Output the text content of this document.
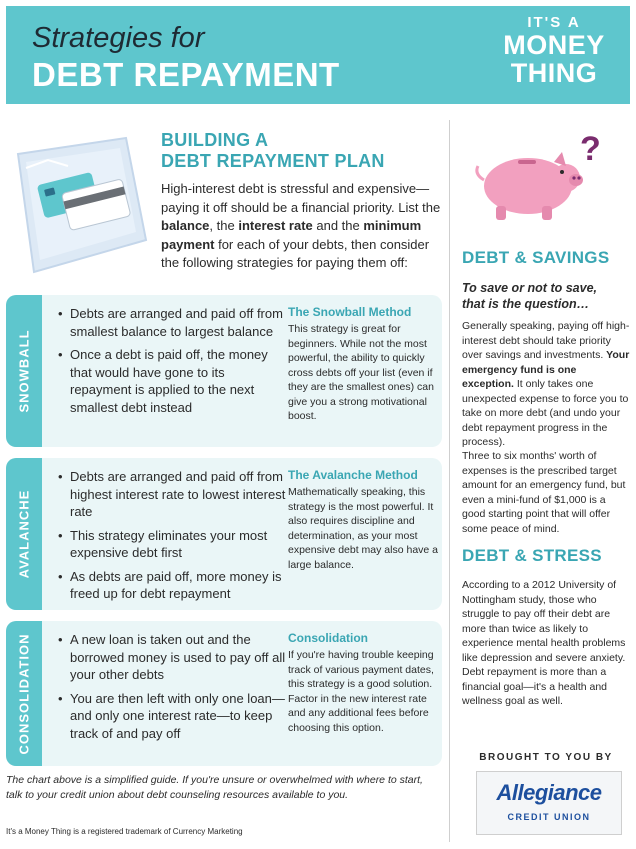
Strategies for
DEBT REPAYMENT
IT'S A
MONEY
THING
BUILDING A
DEBT REPAYMENT PLAN

High-interest debt is stressful and expensive—paying it off should be a financial priority. List the balance, the interest rate and the minimum payment for each of your debts, then consider the following strategies for paying them off:

SNOWBALL
• Debts are arranged and paid off from smallest balance to largest balance
• Once a debt is paid off, the money that would have gone to its repayment is applied to the next smallest debt instead
The Snowball Method
This strategy is great for beginners. While not the most powerful, the ability to quickly cross debts off your list (even if they are the smallest ones) can give you a strong motivational boost.
AVALANCHE
• Debts are arranged and paid off from highest interest rate to lowest interest rate
• This strategy eliminates your most expensive debt first
• As debts are paid off, more money is freed up for debt repayment
The Avalanche Method
Mathematically speaking, this strategy is the most powerful. It also requires discipline and determination, as your most expensive debt may also have a large balance.
CONSOLIDATION
•	A new loan is taken out and the borrowed money is used to pay off all your other debts
• You are then left with only one loan—and only one interest rate—to keep track of and pay off
Consolidation
If you're having trouble keeping track of various payment dates, this strategy is a good solution. Factor in the new interest rate and any additional fees before choosing this option.
The chart above is a simplified guide. If you're unsure or overwhelmed with where to start, talk to your credit union about debt counseling resources available to you.
It's a Money Thing is a registered trademark of Currency Marketing
?
DEBT & SAVINGS
To save or not to save, that is the question…

Generally speaking, paying off high-interest debt should take priority over savings and investments. Your emergency fund is one exception. It only takes one unexpected expense to force you to take on more debt (and undo your debt repayment progress in the process).

Three to six months' worth of expenses is the prescribed target amount for an emergency fund, but even a mini-fund of $1,000 is a good starting point that will offer some peace of mind.

DEBT & STRESS

According to a 2012 University of Nottingham study, those who struggle to pay off their debt are more than twice as likely to experience mental health problems like depression and severe anxiety. Debt repayment is more than a financial goal—it's a health and wellness goal as well.

BROUGHT TO YOU BY
Allegiance
CREDIT UNION
